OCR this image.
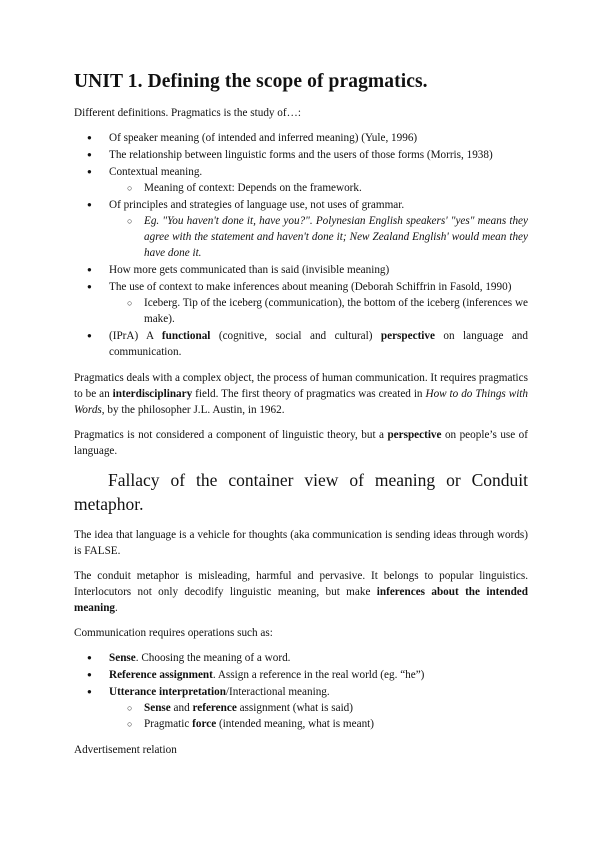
UNIT 1. Defining the scope of pragmatics.

Different definitions. Pragmatics is the study of…:

● Of speaker meaning (of intended and inferred meaning) (Yule, 1996)
● The relationship between linguistic forms and the users of those forms (Morris, 1938)
● Contextual meaning.
○ Meaning of context: Depends on the framework.
● Of principles and strategies of language use, not uses of grammar.
○ Eg. "You haven't done it, have you?". Polynesian English speakers' "yes" means they agree with the statement and haven't done it; New Zealand English' would mean they have done it.
● How more gets communicated than is said (invisible meaning)
● The use of context to make inferences about meaning (Deborah Schiffrin in Fasold, 1990)
○ Iceberg. Tip of the iceberg (communication), the bottom of the iceberg (inferences we make).
● (IPrA) A functional (cognitive, social and cultural) perspective on language and communication.

Pragmatics deals with a complex object, the process of human communication. It requires pragmatics to be an interdisciplinary field. The first theory of pragmatics was created in How to do Things with Words, by the philosopher J.L. Austin, in 1962.

Pragmatics is not considered a component of linguistic theory, but a perspective on people’s use of language.

Fallacy of the container view of meaning or Conduit metaphor.

The idea that language is a vehicle for thoughts (aka communication is sending ideas through words) is FALSE.

The conduit metaphor is misleading, harmful and pervasive. It belongs to popular linguistics. Interlocutors not only decodify linguistic meaning, but make inferences about the intended meaning.

Communication requires operations such as:

● Sense. Choosing the meaning of a word.
● Reference assignment. Assign a reference in the real world (eg. “he”)
● Utterance interpretation/Interactional meaning.
○ Sense and reference assignment (what is said)
○ Pragmatic force (intended meaning, what is meant)

Advertisement relation
